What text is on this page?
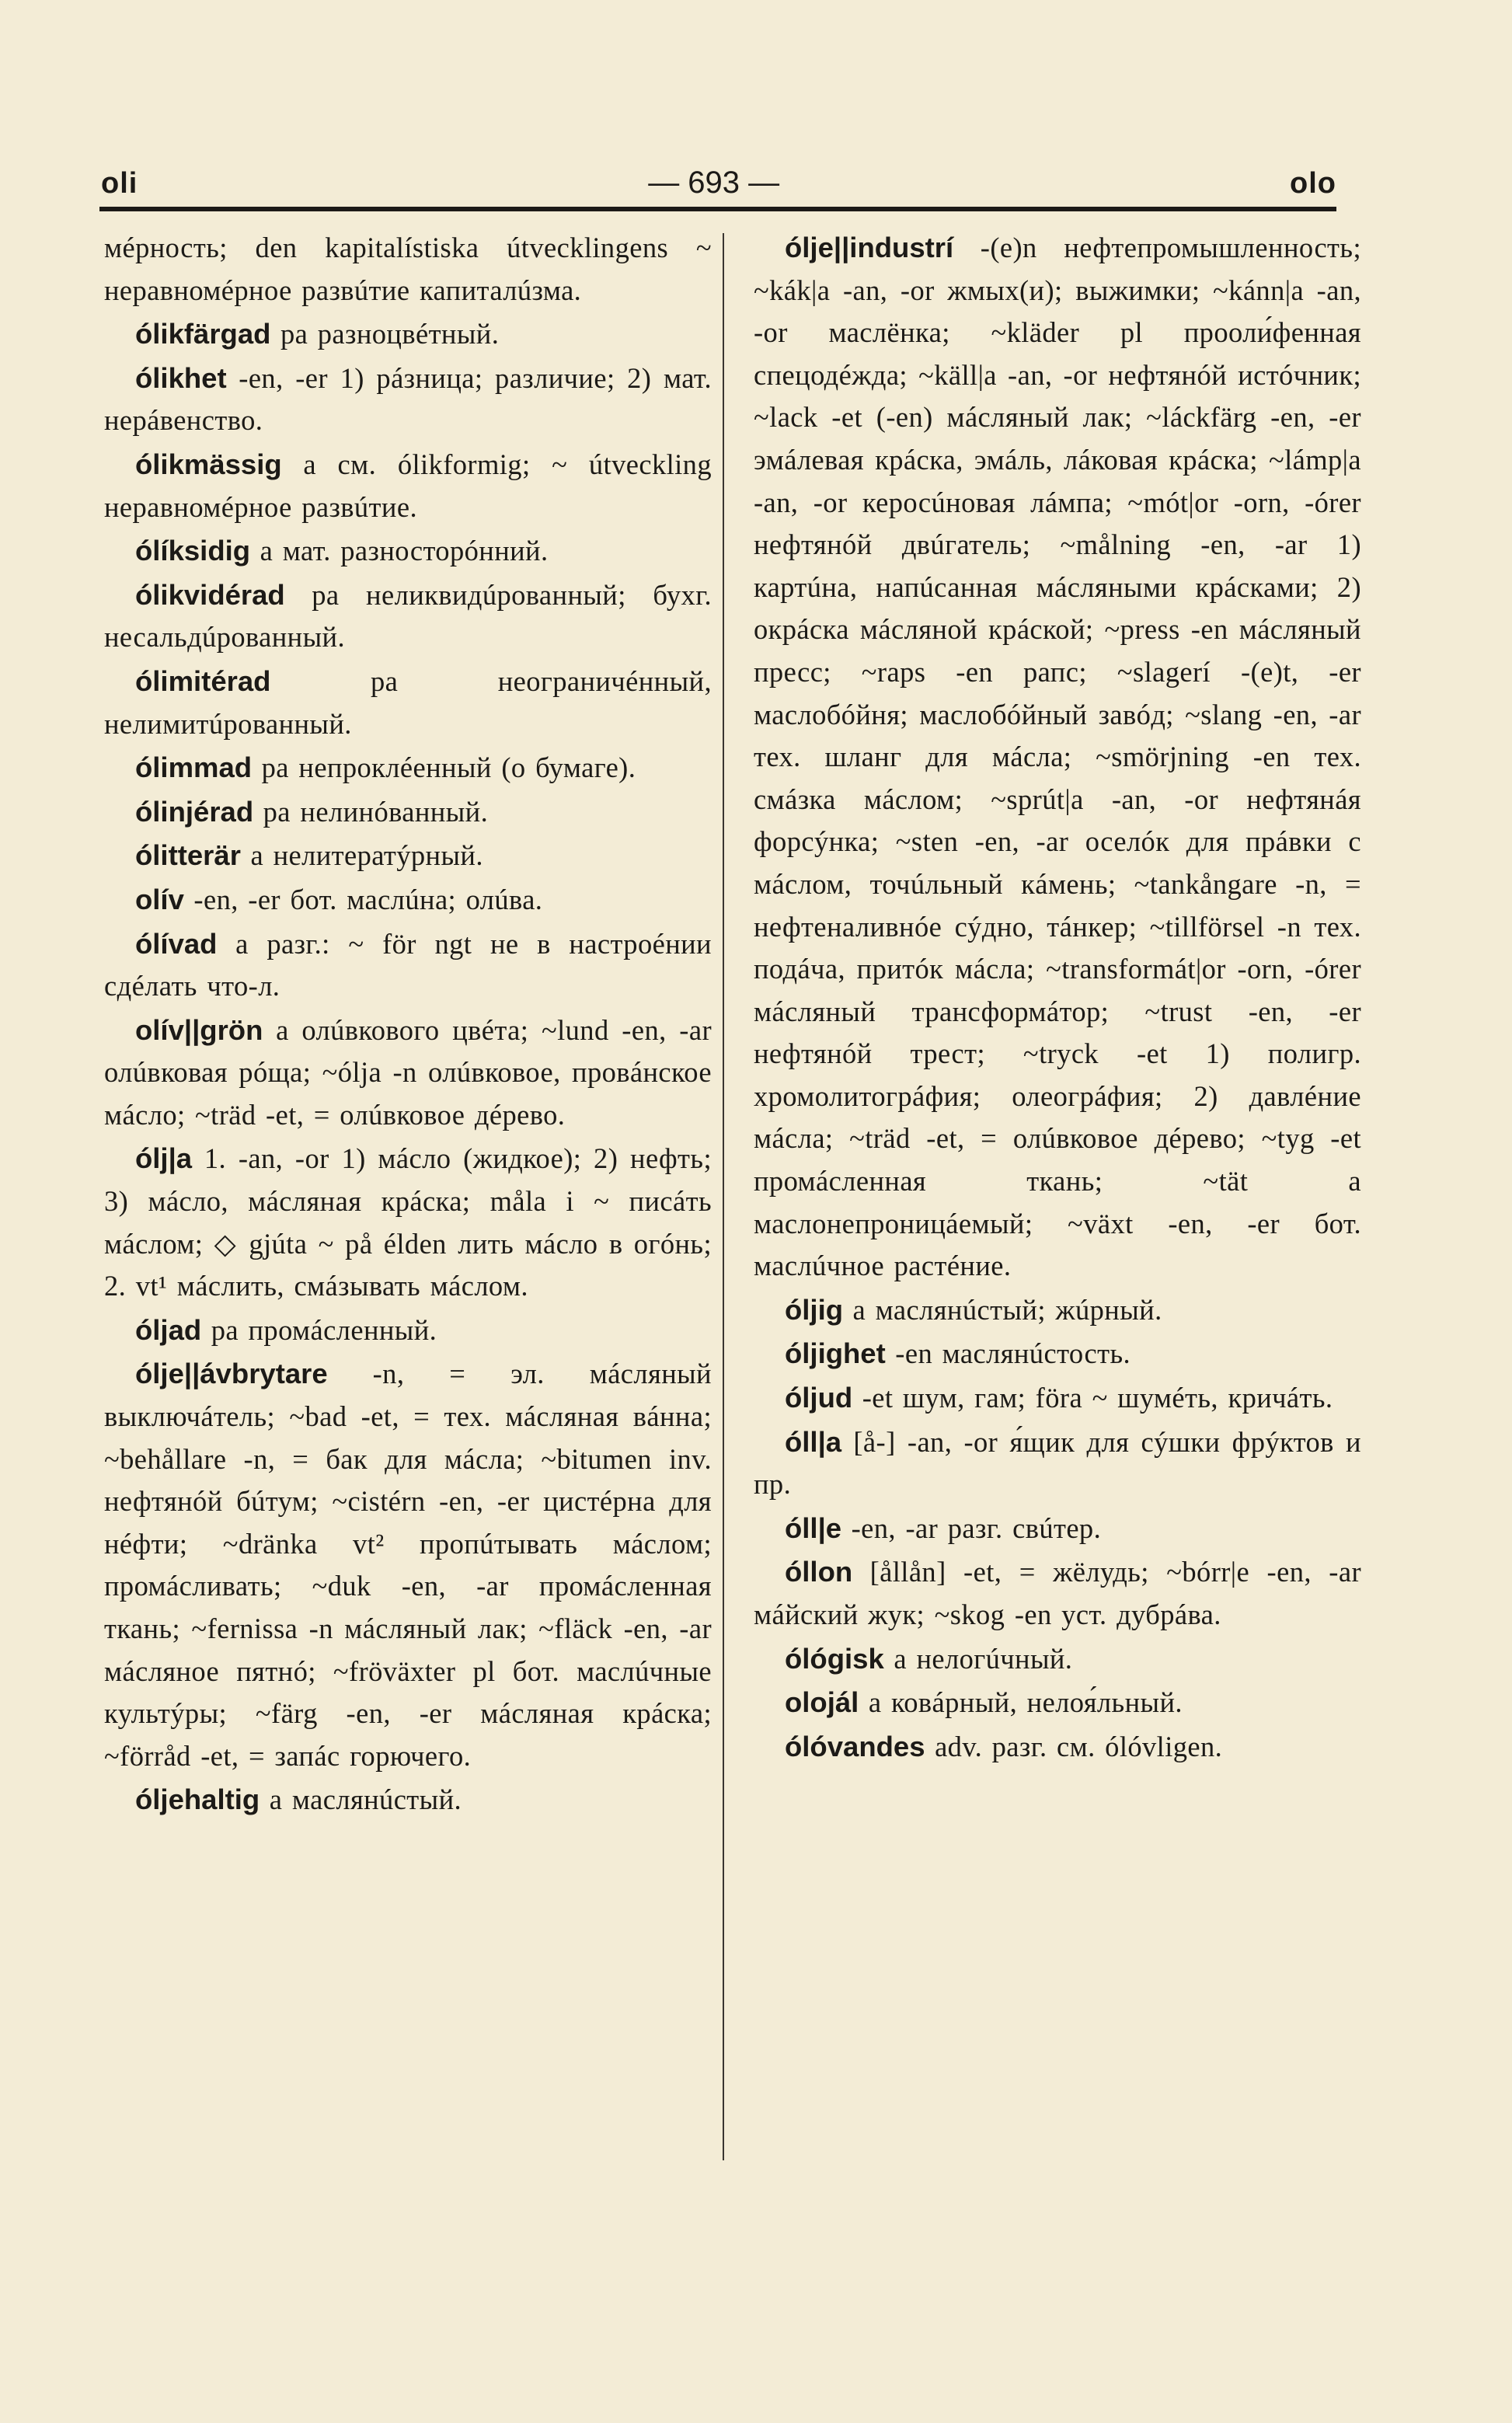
oli	— 693 —	olo

мéрность; den kapitalístiska útvecklingens ~ неравномéрное развúтие капиталúзма.

ólikfärgad pa разноцвéтный.

ólikhet -en, -er 1) рáзница; различие; 2) мат. нерáвенство.

ólikmässig a см. ólikformig; ~ útveckling неравномéрное развúтие.

ólíksidig a мат. разносторóнний.

ólikvidérad pa неликвидúрованный; бухг. несальдúрованный.

ólimitérad	pa неограничéнный, нелимитúрованный.

ólimmad pa непроклéенный (о бумаге).

ólinjérad pa нелинóванный.

ólitterär a нелитератýрный.

olív -en, -er бот. маслúна; олúва.

ólívad a разг.: ~ för ngt не в настроéнии сдéлать что-л.

olív||grön a олúвкового цвéта; ~lund -en, -ar олúвковая рóща; ~ólja -n олúвковое, провáнское мáсло; ~träd -et, = олúвковое дéрево.

ólj|a 1. -an, -or 1) мáсло (жидкое); 2) нефть; 3) мáсло, мáсляная крáска; måla i ~ писáть мáслом; ◇ gjúta ~ på élden лить мáсло в огóнь; 2. vt¹ мáслить, смáзывать мáслом.

óljad pa промáсленный.

ólje||ávbrytare -n, = эл. мáсляный выключáтель; ~bad -et, = тех. мáсляная вáнна; ~behållare -n, = бак для мáсла; ~bitumen inv. нефтянóй бúтум; ~cistérn -en, -er цистéрна для нéфти; ~dränka vt² пропúтывать мáслом; промáсливать; ~duk -en, -ar промáсленная ткань; ~fernissa -n мáсляный лак; ~fläck -en, -ar мáсляное пятнó; ~fröväxter pl бот. маслúчные культýры; ~färg -en, -er мáсляная крáска; ~förråd -et, = запáс горючего.

óljehaltig a маслянúстый.

ólje||industrí -(e)n нефтепромышленность; ~kák|a -an, -or жмых(и); выжимки; ~kánn|a -an, -or маслёнка; ~kläder pl прооли́фенная спецодéжда; ~käll|a -an, -or нефтянóй истóчник; ~lack -et (-en) мáсляный лак; ~láckfärg -en, -er эмáлевая крáска, эмáль, лáковая крáска; ~lámp|a -an, -or керосúновая лáмпа; ~mót|or -orn, -órer нефтянóй двúгатель; ~målning -en, -ar 1) картúна, напúсанная мáсляными крáсками; 2) окрáска мáсляной крáской; ~press -en мáсляный пресс; ~raps -en рапс; ~slagerí -(e)t, -er маслобóйня; маслобóйный завóд; ~slang -en, -ar тех. шланг для мáсла; ~smörjning -en тех. смáзка мáслом; ~sprút|a -an, -or нефтянáя форсýнка; ~sten -en, -ar оселóк для прáвки с мáслом, точúльный кáмень; ~tankångare -n, = нефтеналивнóе сýдно, тáнкер; ~tillförsel -n тех. подáча, притóк мáсла; ~transformát|or -orn, -órer мáсляный трансформáтор; ~trust -en, -er нефтянóй трест; ~tryck -et 1) полигр. хромолитогрáфия; олеогрáфия; 2) давлéние мáсла; ~träd -et, = олúвковое дéрево; ~tyg -et промáсленная ткань; ~tät a маслонепроницáемый; ~växt -en, -er бот. маслúчное растéние.

óljig a маслянúстый; жúрный.

óljighet -en маслянúстость.

óljud -et шум, гам; föra ~ шумéть, кричáть.

óll|a [å-] -an, -or я́щик для сýшки фрýктов и пр.

óll|e -en, -ar разг. свúтер.

óllon [ållån] -et, = жёлудь; ~bórr|e -en, -ar мáйский жук; ~skog -en уст. дубрáва.

ólógisk a нелогúчный.

olojál a ковáрный, нелоя́льный.

ólóvandes adv. разг. см. ólóvligen.
